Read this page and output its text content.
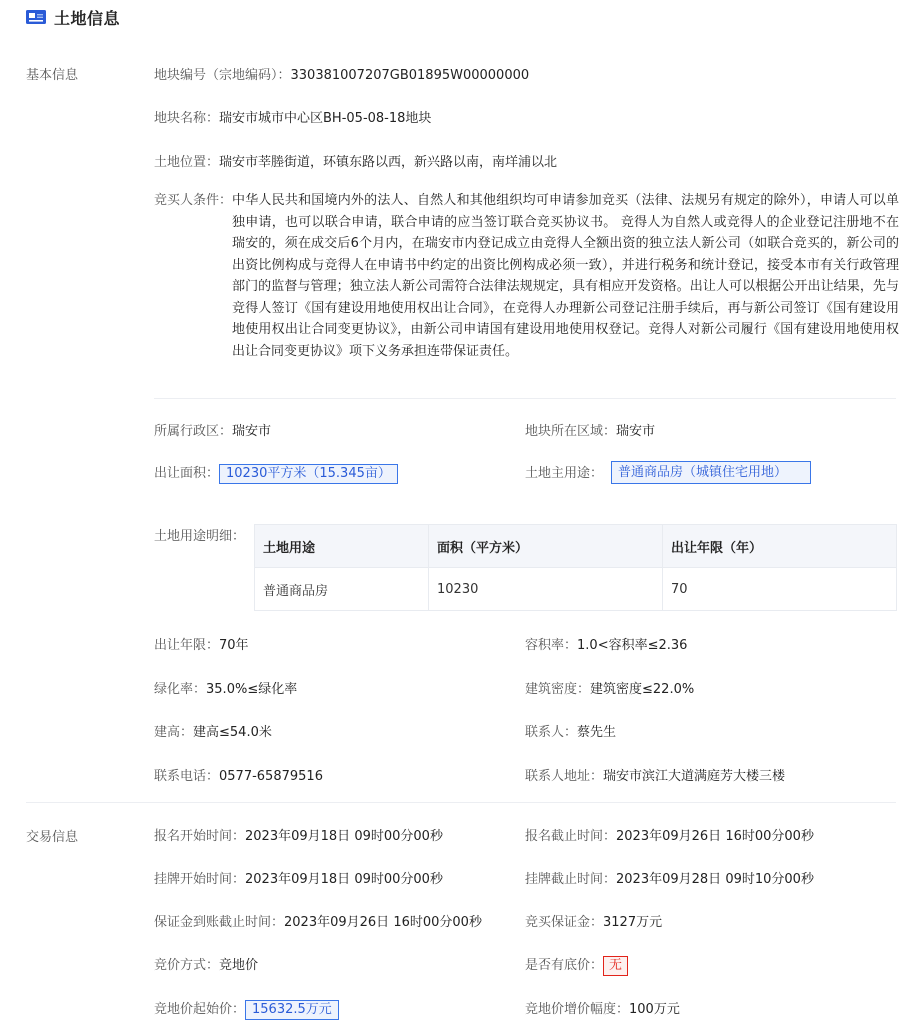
土地信息
基本信息	地块编号（宗地编码）：330381007207GB01895W00000000
地块名称：瑞安市城市中心区BH-05-08-18地块
土地位置：瑞安市莘塍街道，环镇东路以西，新兴路以南，南垟浦以北
竞买人条件： 中华人民共和国境内外的法人、自然人和其他组织均可申请参加竞买（法律、法规另有规定的除外），申请人可以单独申请，也可以联合申请，联合申请的应当签订联合竞买协议书。 竞得人为自然人或竞得人的企业登记注册地不在瑞安的，须在成交后6个月内，在瑞安市内登记成立由竞得人全额出资的独立法人新公司（如联合竞买的，新公司的出资比例构成与竞得人在申请书中约定的出资比例构成必须一致），并进行税务和统计登记，接受本市有关行政管理部门的监督与管理；独立法人新公司需符合法律法规规定，具有相应开发资格。出让人可以根据公开出让结果，先与竞得人签订《国有建设用地使用权出让合同》，在竞得人办理新公司登记注册手续后，再与新公司签订《国有建设用地使用权出让合同变更协议》，由新公司申请国有建设用地使用权登记。竞得人对新公司履行《国有建设用地使用权出让合同变更协议》项下义务承担连带保证责任。
所属行政区：瑞安市	地块所在区域：瑞安市
出让面积： 10230平方米（15.345亩）	土地主用途：	普通商品房（城镇住宅用地）
土地用途明细：
土地用途	面积（平方米）	出让年限（年）
普通商品房	10230	70
出让年限：70年	容积率：1.0<容积率≤2.36
绿化率：35.0%≤绿化率	建筑密度：建筑密度≤22.0%
建高：建高≤54.0米	联系人：蔡先生
联系电话：0577-65879516	联系人地址：瑞安市滨江大道满庭芳大楼三楼
交易信息	报名开始时间：2023年09月18日 09时00分00秒	报名截止时间：2023年09月26日 16时00分00秒
挂牌开始时间：2023年09月18日 09时00分00秒	挂牌截止时间：2023年09月28日 09时10分00秒
保证金到账截止时间：2023年09月26日 16时00分00秒	竞买保证金：3127万元
竞价方式：竞地价	是否有底价： 无
竞地价起始价： 15632.5万元	竞地价增价幅度：100万元
